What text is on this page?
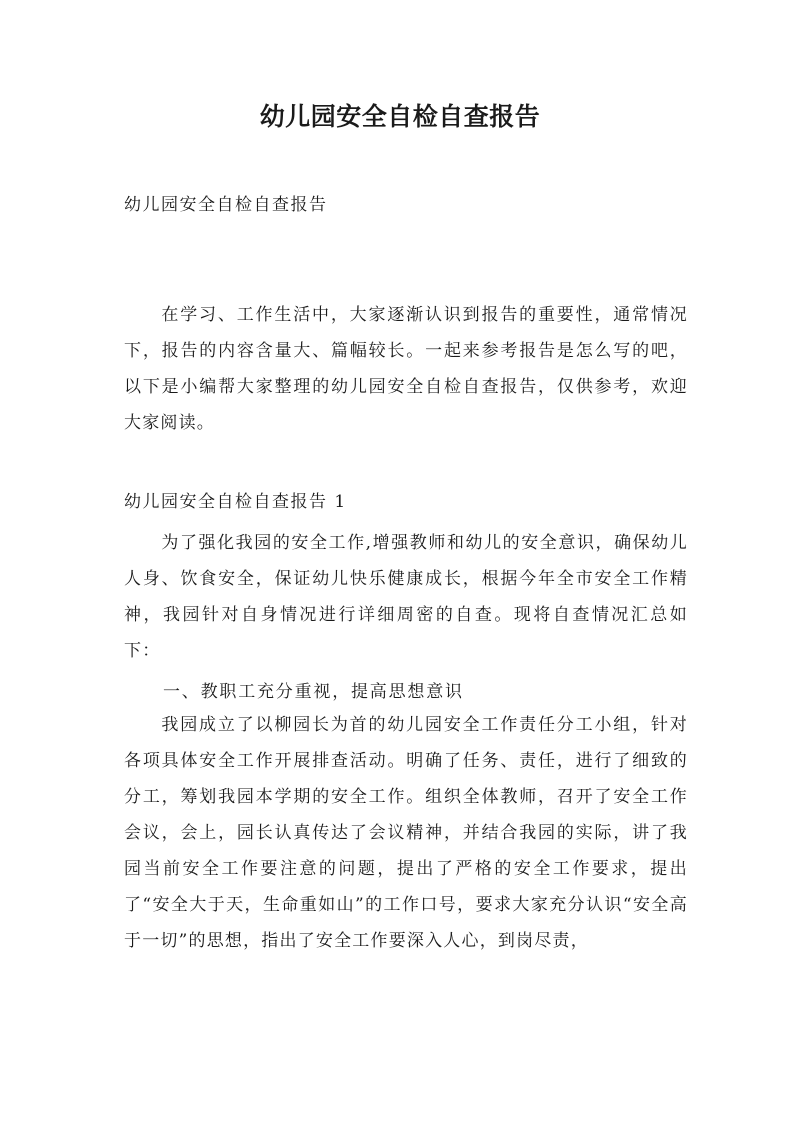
幼儿园安全自检自查报告

幼儿园安全自检自查报告

在学习、工作生活中，大家逐渐认识到报告的重要性，通常情况下，报告的内容含量大、篇幅较长。一起来参考报告是怎么写的吧，以下是小编帮大家整理的幼儿园安全自检自查报告，仅供参考，欢迎大家阅读。

幼儿园安全自检自查报告 1

为了强化我园的安全工作,增强教师和幼儿的安全意识，确保幼儿人身、饮食安全，保证幼儿快乐健康成长，根据今年全市安全工作精神，我园针对自身情况进行详细周密的自查。现将自查情况汇总如下：

一、教职工充分重视，提高思想意识

我园成立了以柳园长为首的幼儿园安全工作责任分工小组，针对各项具体安全工作开展排查活动。明确了任务、责任，进行了细致的分工，筹划我园本学期的安全工作。组织全体教师，召开了安全工作会议，会上，园长认真传达了会议精神，并结合我园的实际，讲了我园当前安全工作要注意的问题，提出了严格的安全工作要求，提出了“安全大于天，生命重如山”的工作口号，要求大家充分认识“安全高于一切”的思想，指出了安全工作要深入人心，到岗尽责，
